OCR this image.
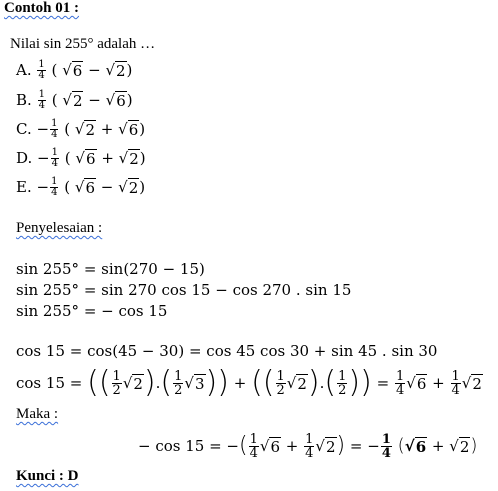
Contoh 01 :
Nilai sin 255° adalah …
A.
$\frac{1}{4}$
(
√ 6
−
√ 2 )
B.
$\frac{1}{4}$
(
√ 2
−
√ 6 )
C.
− $\frac{1}{4}$
(
√ 2
+
√ 6 )
D.
− $\frac{1}{4}$
(
√ 6
+
√ 2 )
E.
− $\frac{1}{4}$
(
√ 6
−
√ 2 )
Penyelesaian :
sin 255° = sin(270 − 15)
sin 255° = sin 270 cos 15 − cos 270 . sin 15
sin 255° = − cos 15
cos 15 = cos(45 − 30) = cos 45 cos 30 + sin 45 . sin 30
cos 15 =
(( $\frac{1}{2}$ √ 2 ) . ( $\frac{1}{2}$ √ 3 ))
+
(( $\frac{1}{2}$ √ 2 ) . ( $\frac{1}{2}$ ))
=
$\frac{1}{4}$ √ 6
+
$\frac{1}{4}$ √ 2
Maka :
− cos 15 = − ( $\frac{1}{4}$ √ 6
+
$\frac{1}{4}$ √ 2 )
=
− $\frac{1}{4}$
( √ 6
+
√ 2 )
Kunci : D
